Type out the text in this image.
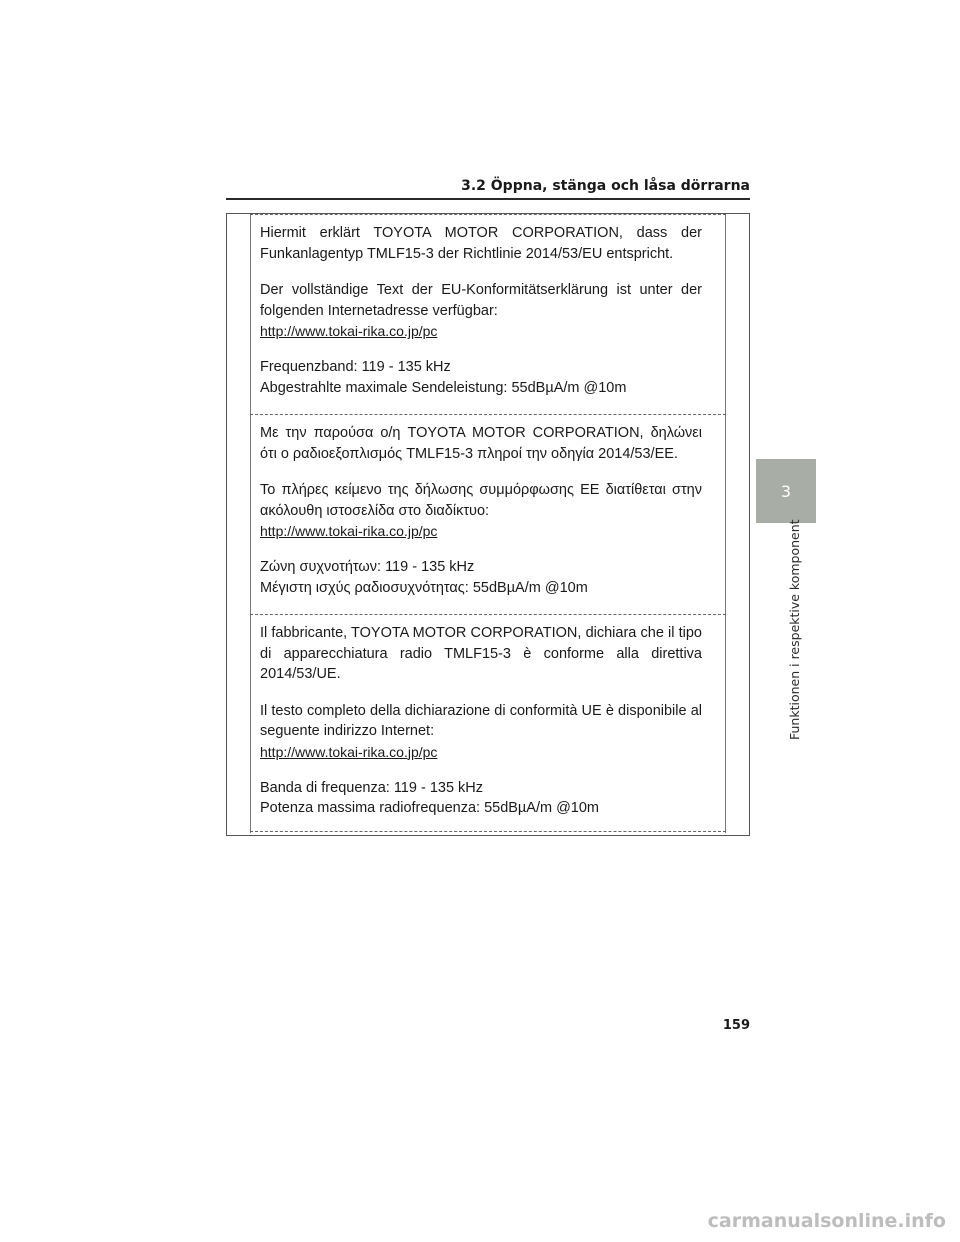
3.2 Öppna, stänga och låsa dörrarna

Hiermit erklärt TOYOTA MOTOR CORPORATION, dass der Funkanlagentyp TMLF15-3 der Richtlinie 2014/53/EU entspricht.

Der vollständige Text der EU-Konformitätserklärung ist unter der folgenden Internetadresse verfügbar:

http://www.tokai-rika.co.jp/pc
Frequenzband: 119 - 135 kHz
Abgestrahlte maximale Sendeleistung: 55dBµA/m @10m

Με την παρούσα ο/η TOYOTA MOTOR CORPORATION, δηλώνει ότι ο ραδιοεξοπλισμός TMLF15-3 πληροί την οδηγία 2014/53/ΕΕ.

Το πλήρες κείμενο της δήλωσης συμμόρφωσης ΕΕ διατίθεται στην ακόλουθη ιστοσελίδα στο διαδίκτυο:

http://www.tokai-rika.co.jp/pc
Ζώνη συχνοτήτων: 119 - 135 kHz
Μέγιστη ισχύς ραδιοσυχνότητας: 55dBµA/m @10m

Il fabbricante, TOYOTA MOTOR CORPORATION, dichiara che il tipo di apparecchiatura radio TMLF15-3 è conforme alla direttiva 2014/53/UE.

Il testo completo della dichiarazione di conformità UE è disponibile al seguente indirizzo Internet:

http://www.tokai-rika.co.jp/pc
Banda di frequenza: 119 - 135 kHz
Potenza massima radiofrequenza: 55dBµA/m @10m
3
Funktionen i respektive komponent
159
carmanualsonline.info
